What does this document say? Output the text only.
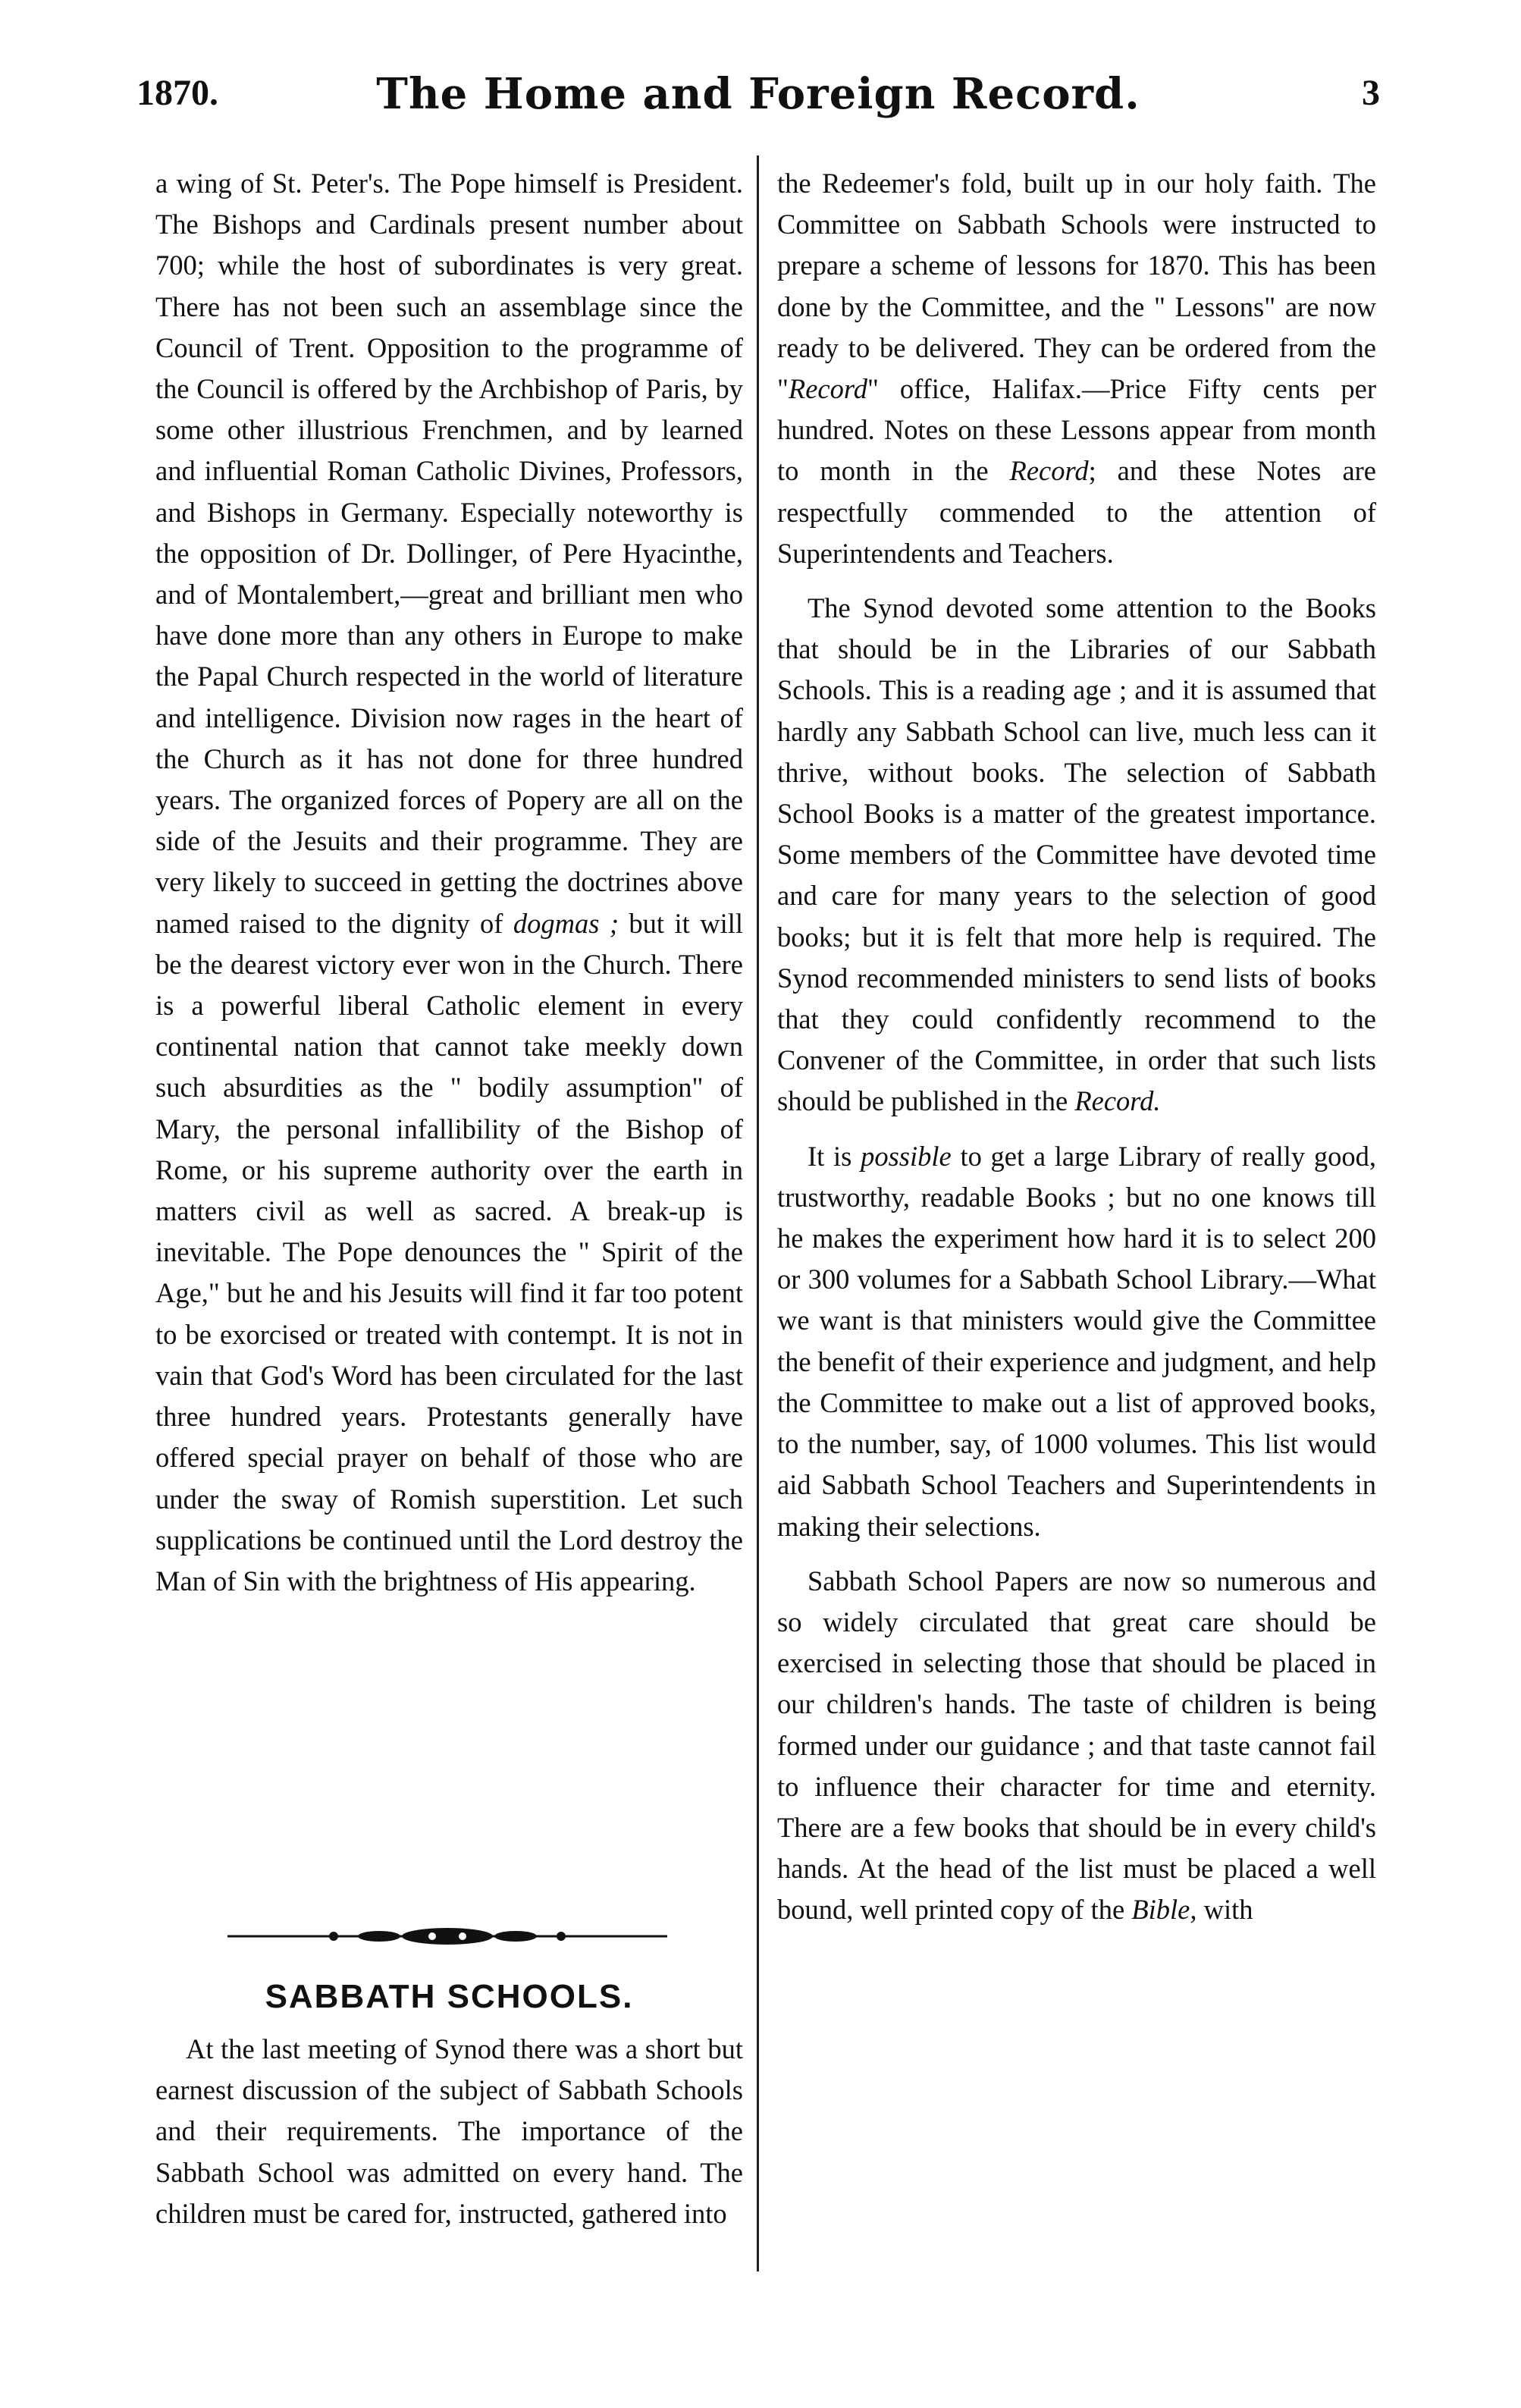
1870.	The Home and Foreign Record.	3

a wing of St. Peter's. The Pope himself is President. The Bishops and Cardinals present number about 700; while the host of subordinates is very great. There has not been such an assemblage since the Council of Trent. Opposition to the programme of the Council is offered by the Archbishop of Paris, by some other illustrious Frenchmen, and by learned and influential Roman Catholic Divines, Professors, and Bishops in Germany. Especially noteworthy is the opposition of Dr. Dollinger, of Pere Hyacinthe, and of Montalembert,—great and brilliant men who have done more than any others in Europe to make the Papal Church respected in the world of literature and intelligence. Division now rages in the heart of the Church as it has not done for three hundred years. The organized forces of Popery are all on the side of the Jesuits and their programme. They are very likely to succeed in getting the doctrines above named raised to the dignity of dogmas ; but it will be the dearest victory ever won in the Church. There is a powerful liberal Catholic element in every continental nation that cannot take meekly down such absurdities as the " bodily assumption" of Mary, the personal infallibility of the Bishop of Rome, or his supreme authority over the earth in matters civil as well as sacred. A break-up is inevitable. The Pope denounces the " Spirit of the Age," but he and his Jesuits will find it far too potent to be exorcised or treated with contempt. It is not in vain that God's Word has been circulated for the last three hundred years. Protestants generally have offered special prayer on behalf of those who are under the sway of Romish superstition. Let such supplications be continued until the Lord destroy the Man of Sin with the brightness of His appearing.

SABBATH SCHOOLS.

At the last meeting of Synod there was a short but earnest discussion of the subject of Sabbath Schools and their requirements. The importance of the Sabbath School was admitted on every hand. The children must be cared for, instructed, gathered into

the Redeemer's fold, built up in our holy faith. The Committee on Sabbath Schools were instructed to prepare a scheme of lessons for 1870. This has been done by the Committee, and the " Lessons" are now ready to be delivered. They can be ordered from the "Record" office, Halifax.—Price Fifty cents per hundred. Notes on these Lessons appear from month to month in the Record; and these Notes are respectfully commended to the attention of Superintendents and Teachers.

The Synod devoted some attention to the Books that should be in the Libraries of our Sabbath Schools. This is a reading age ; and it is assumed that hardly any Sabbath School can live, much less can it thrive, without books. The selection of Sabbath School Books is a matter of the greatest importance. Some members of the Committee have devoted time and care for many years to the selection of good books; but it is felt that more help is required. The Synod recommended ministers to send lists of books that they could confidently recommend to the Convener of the Committee, in order that such lists should be published in the Record.

It is possible to get a large Library of really good, trustworthy, readable Books ; but no one knows till he makes the experiment how hard it is to select 200 or 300 volumes for a Sabbath School Library.—What we want is that ministers would give the Committee the benefit of their experience and judgment, and help the Committee to make out a list of approved books, to the number, say, of 1000 volumes. This list would aid Sabbath School Teachers and Superintendents in making their selections.

Sabbath School Papers are now so numerous and so widely circulated that great care should be exercised in selecting those that should be placed in our children's hands. The taste of children is being formed under our guidance ; and that taste cannot fail to influence their character for time and eternity. There are a few books that should be in every child's hands. At the head of the list must be placed a well bound, well printed copy of the Bible, with
